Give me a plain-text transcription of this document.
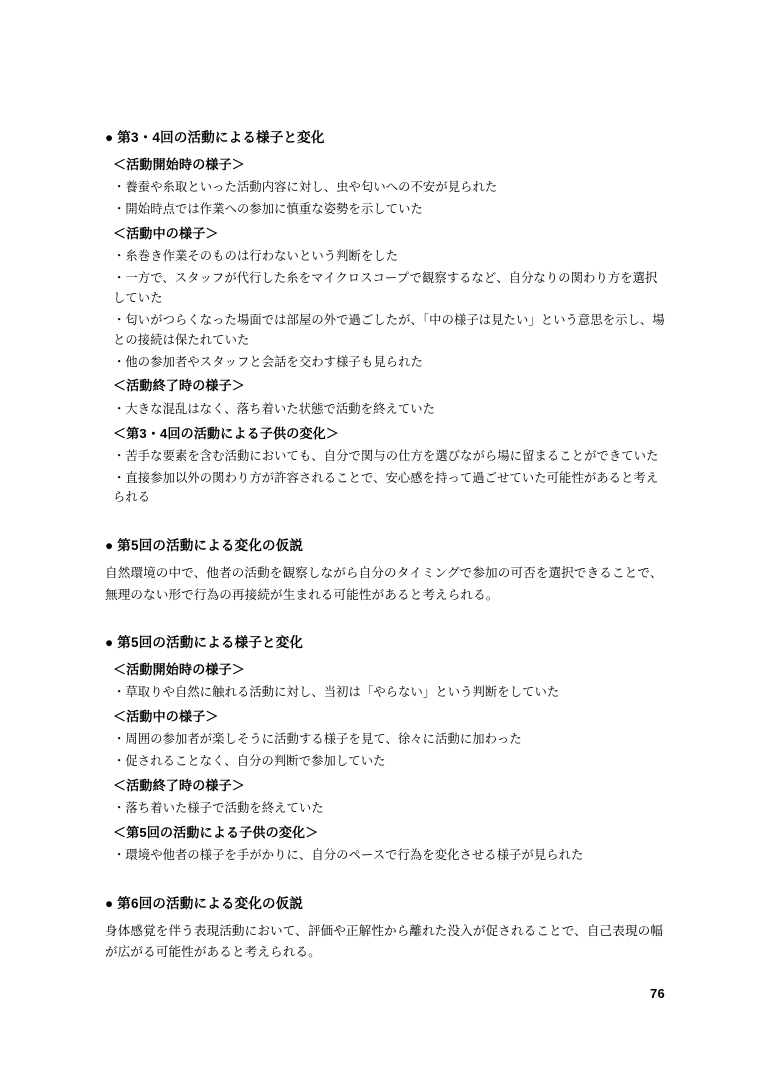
● 第3・4回の活動による様子と変化
＜活動開始時の様子＞
・養蚕や糸取といった活動内容に対し、虫や匂いへの不安が見られた
・開始時点では作業への参加に慎重な姿勢を示していた
＜活動中の様子＞
・糸巻き作業そのものは行わないという判断をした
・一方で、スタッフが代行した糸をマイクロスコープで観察するなど、自分なりの関わり方を選択していた
・匂いがつらくなった場面では部屋の外で過ごしたが、「中の様子は見たい」という意思を示し、場との接続は保たれていた
・他の参加者やスタッフと会話を交わす様子も見られた
＜活動終了時の様子＞
・大きな混乱はなく、落ち着いた状態で活動を終えていた
＜第3・4回の活動による子供の変化＞
・苦手な要素を含む活動においても、自分で関与の仕方を選びながら場に留まることができていた
・直接参加以外の関わり方が許容されることで、安心感を持って過ごせていた可能性があると考えられる
● 第5回の活動による変化の仮説
自然環境の中で、他者の活動を観察しながら自分のタイミングで参加の可否を選択できることで、無理のない形で行為の再接続が生まれる可能性があると考えられる。
● 第5回の活動による様子と変化
＜活動開始時の様子＞
・草取りや自然に触れる活動に対し、当初は「やらない」という判断をしていた
＜活動中の様子＞
・周囲の参加者が楽しそうに活動する様子を見て、徐々に活動に加わった
・促されることなく、自分の判断で参加していた
＜活動終了時の様子＞
・落ち着いた様子で活動を終えていた
＜第5回の活動による子供の変化＞
・環境や他者の様子を手がかりに、自分のペースで行為を変化させる様子が見られた
● 第6回の活動による変化の仮説
身体感覚を伴う表現活動において、評価や正解性から離れた没入が促されることで、自己表現の幅が広がる可能性があると考えられる。
76
